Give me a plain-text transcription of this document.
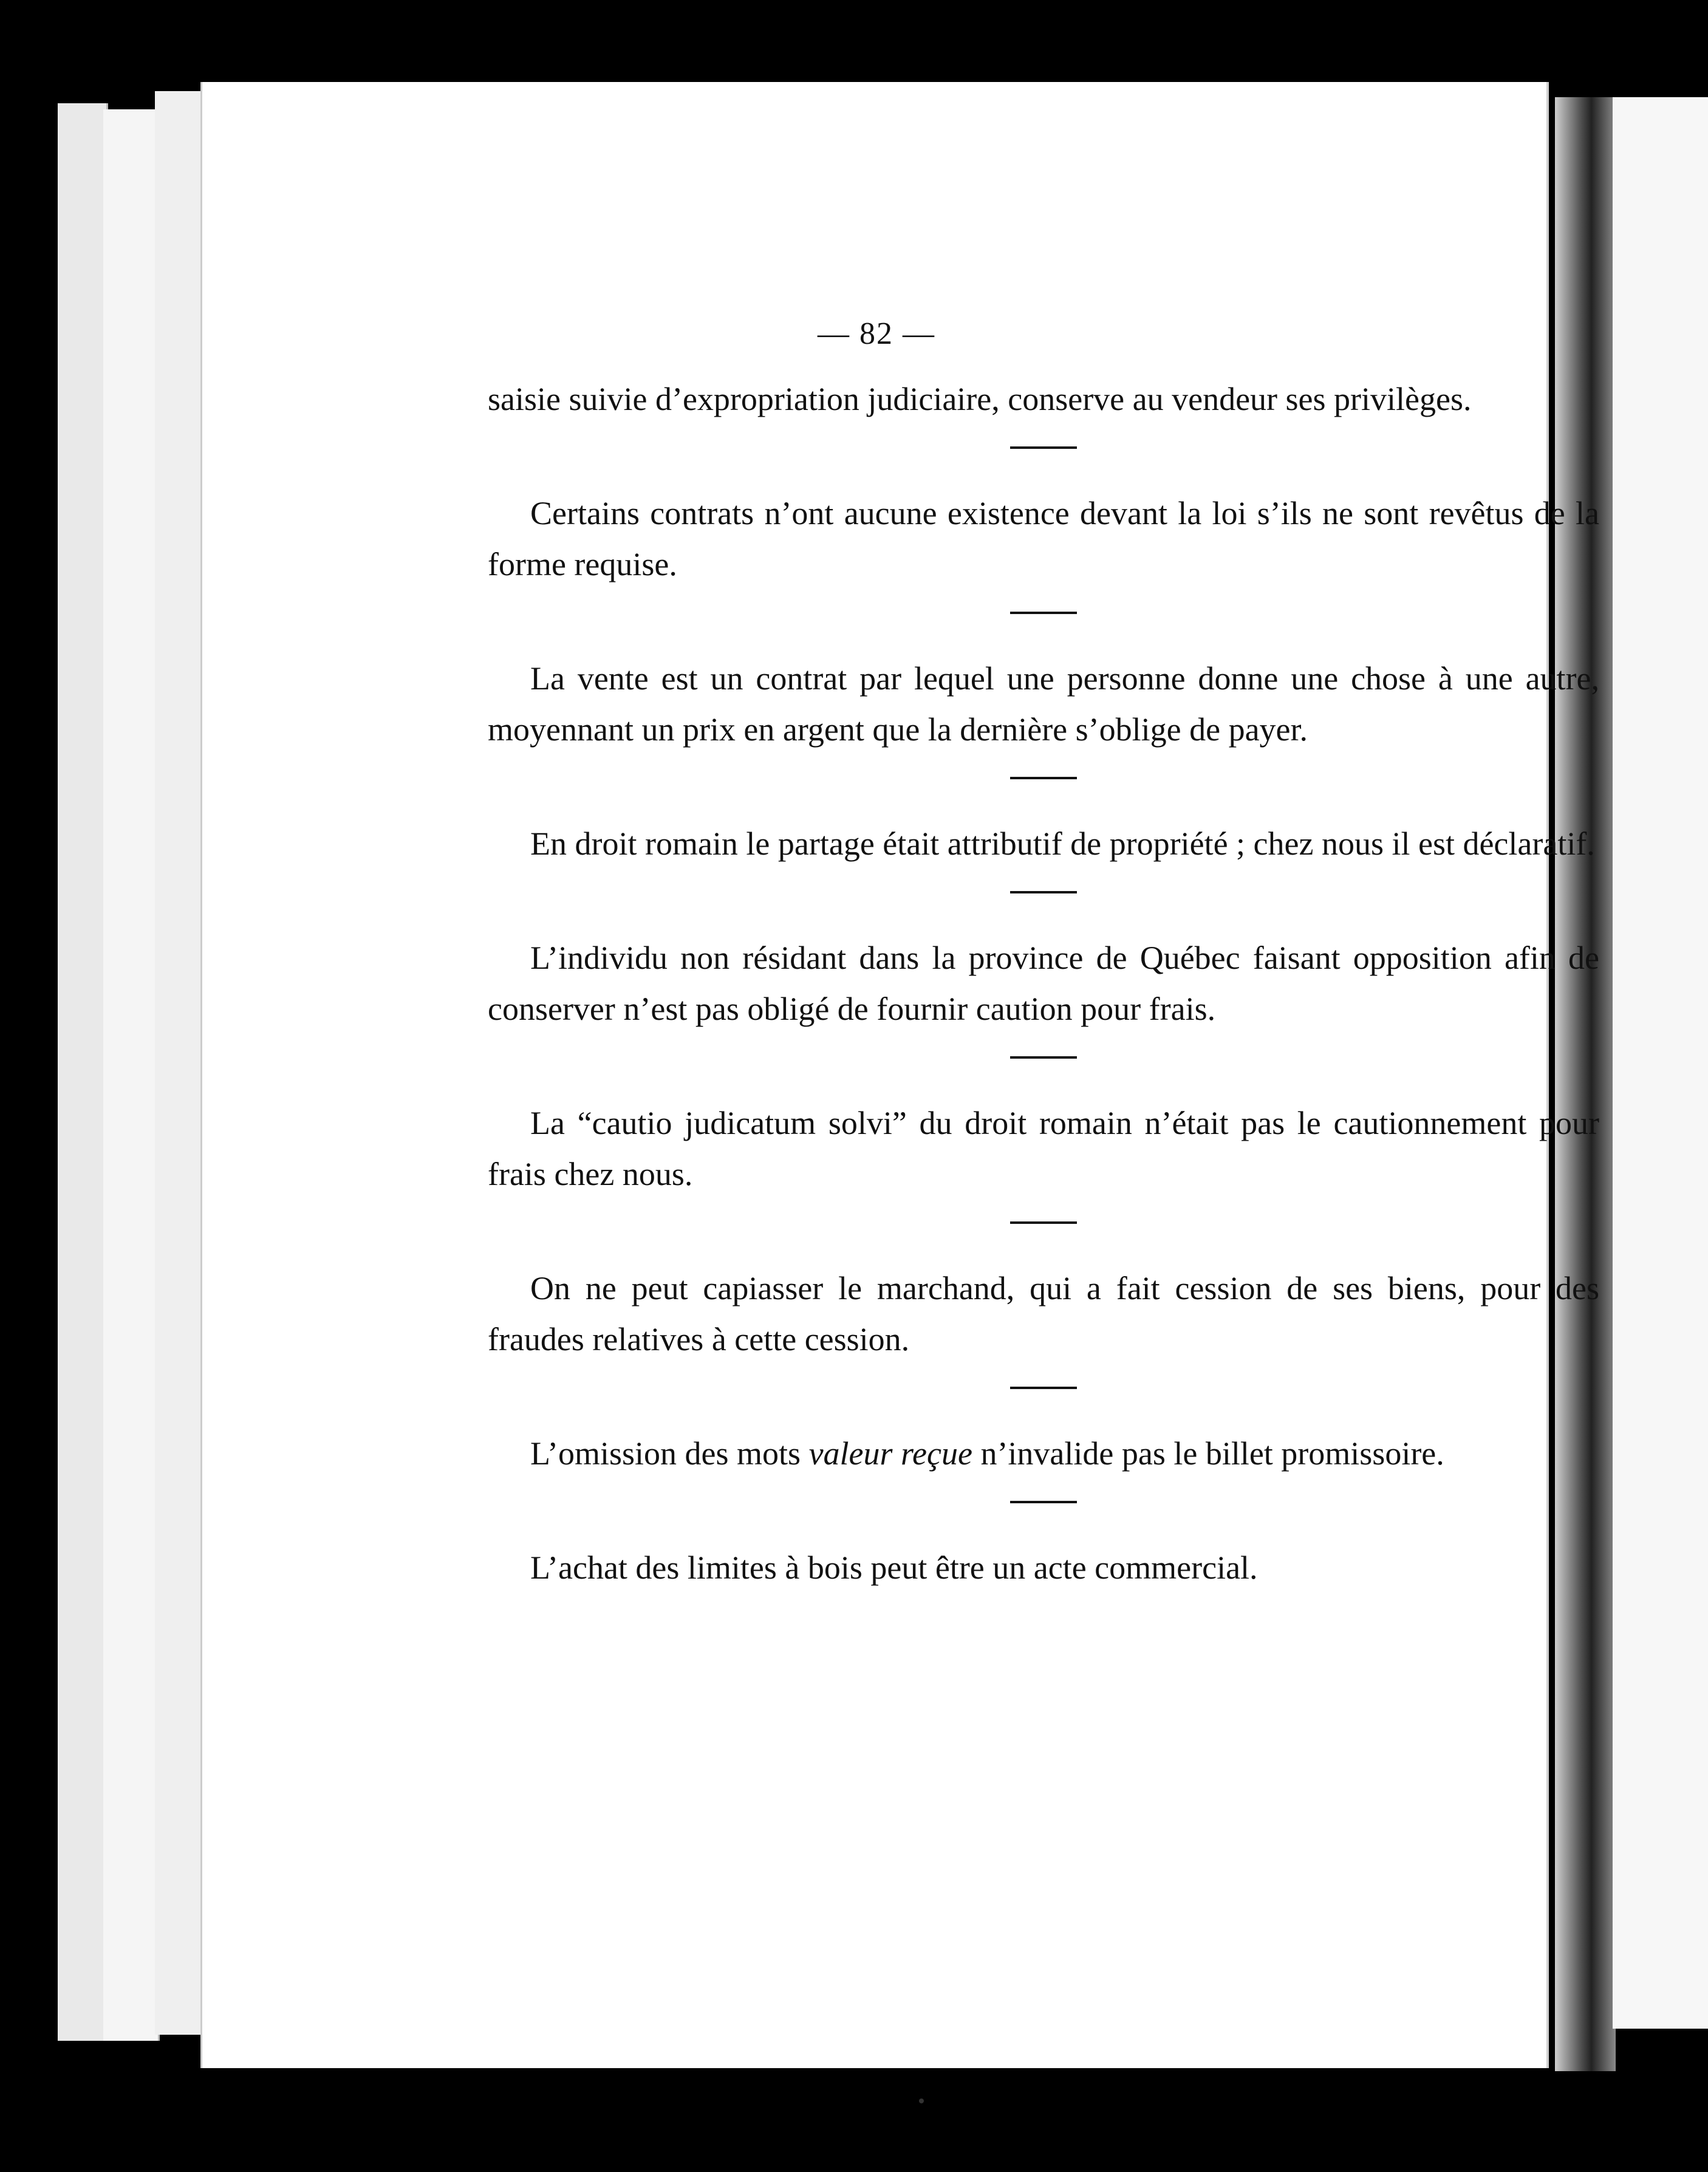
— 82 —

saisie suivie d’expropriation judiciaire, conserve au vendeur ses privilèges.

Certains contrats n’ont aucune existence devant la loi s’ils ne sont revêtus de la forme requise.

La vente est un contrat par lequel une personne donne une chose à une autre, moyennant un prix en argent que la dernière s’oblige de payer.

En droit romain le partage était attributif de propriété ; chez nous il est déclaratif.

L’individu non résidant dans la province de Québec faisant opposition afin de conserver n’est pas obligé de fournir caution pour frais.

La “cautio judicatum solvi” du droit romain n’était pas le cautionnement pour frais chez nous.

On ne peut capiasser le marchand, qui a fait cession de ses biens, pour des fraudes relatives à cette cession.

L’omission des mots valeur reçue n’invalide pas le billet promissoire.

L’achat des limites à bois peut être un acte commercial.
